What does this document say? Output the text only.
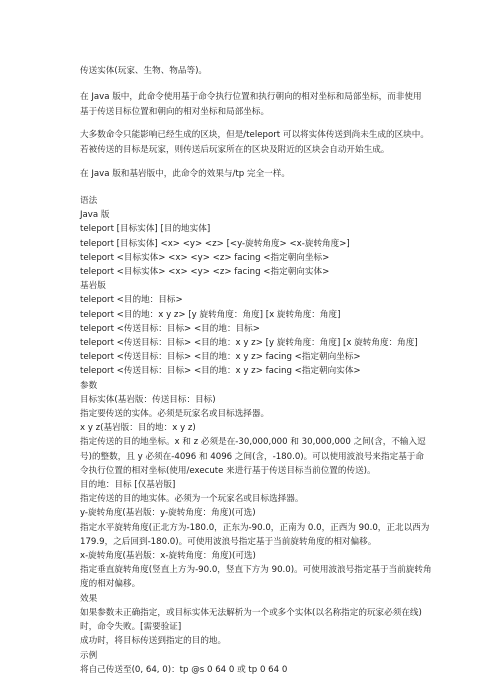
传送实体(玩家、生物、物品等)。

在 Java 版中，此命令使用基于命令执行位置和执行朝向的相对坐标和局部坐标，而非使用基于传送目标位置和朝向的相对坐标和局部坐标。

大多数命令只能影响已经生成的区块，但是/teleport 可以将实体传送到尚未生成的区块中。若被传送的目标是玩家，则传送后玩家所在的区块及附近的区块会自动开始生成。

在 Java 版和基岩版中，此命令的效果与/tp 完全一样。

语法
Java 版
teleport [目标实体] [目的地实体]
teleport [目标实体] <x> <y> <z> [<y-旋转角度> <x-旋转角度>]
teleport <目标实体> <x> <y> <z> facing <指定朝向坐标>
teleport <目标实体> <x> <y> <z> facing <指定朝向实体>
基岩版
teleport <目的地：目标>
teleport <目的地：x y z> [y 旋转角度：角度] [x 旋转角度：角度]
teleport <传送目标：目标> <目的地：目标>
teleport <传送目标：目标> <目的地：x y z> [y 旋转角度：角度] [x 旋转角度：角度]
teleport <传送目标：目标> <目的地：x y z> facing <指定朝向坐标>
teleport <传送目标：目标> <目的地：x y z> facing <指定朝向实体>
参数
目标实体(基岩版：传送目标：目标)
指定要传送的实体。必须是玩家名或目标选择器。
x y z(基岩版：目的地：x y z)
指定传送的目的地坐标。x 和 z 必须是在-30,000,000 和 30,000,000 之间(含，不输入逗号)的整数，且 y 必须在-4096 和 4096 之间(含，-180.0)。可以使用波浪号来指定基于命令执行位置的相对坐标(使用/execute 来进行基于传送目标当前位置的传送)。
目的地：目标 [仅基岩版]
指定传送的目的地实体。必须为一个玩家名或目标选择器。
y-旋转角度(基岩版：y-旋转角度：角度)(可选)
指定水平旋转角度(正北方为-180.0，正东为-90.0，正南为 0.0，正西为 90.0，正北以西为 179.9，之后回到-180.0)。可使用波浪号指定基于当前旋转角度的相对偏移。
x-旋转角度(基岩版：x-旋转角度：角度)(可选)
指定垂直旋转角度(竖直上方为-90.0，竖直下方为 90.0)。可使用波浪号指定基于当前旋转角度的相对偏移。
效果
如果参数未正确指定，或目标实体无法解析为一个或多个实体(以名称指定的玩家必须在线)时，命令失败。[需要验证]
成功时，将目标传送到指定的目的地。
示例
将自己传送至(0, 64, 0)：tp @s 0 64 0 或 tp 0 64 0
